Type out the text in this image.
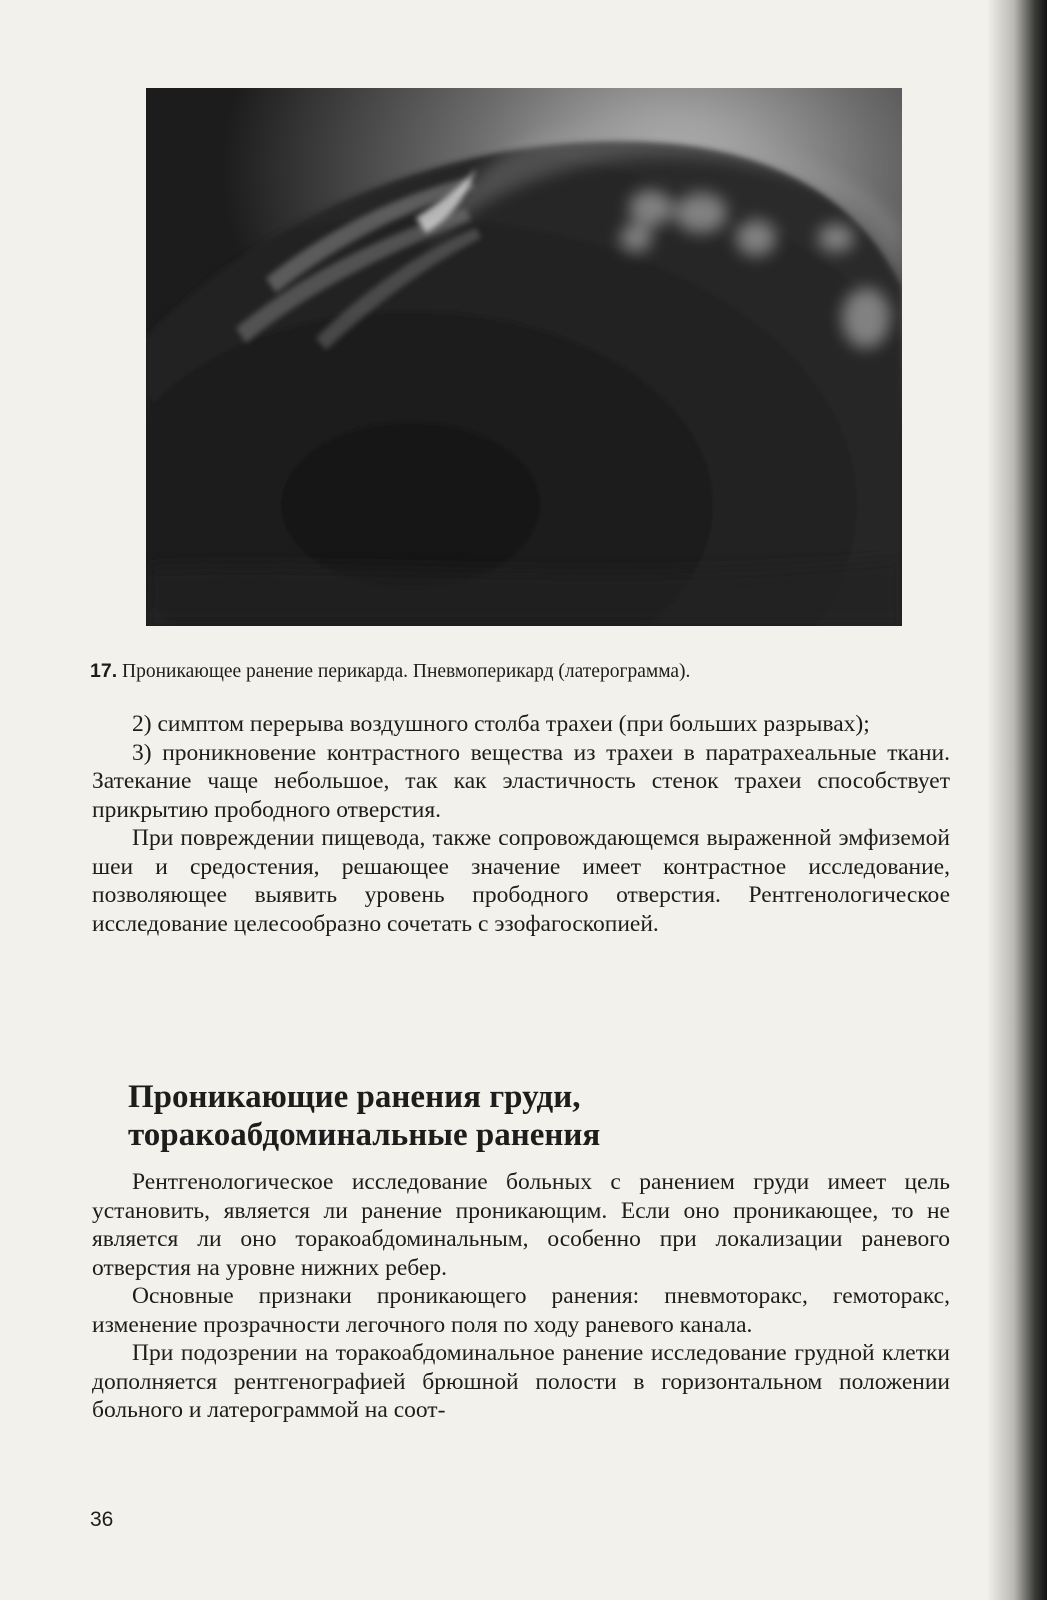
17. Проникающее ранение перикарда. Пневмоперикард (латерограмма).

2) симптом перерыва воздушного столба трахеи (при больших разрывах);

3) проникновение контрастного вещества из трахеи в паратрахеальные ткани. Затекание чаще небольшое, так как эластичность стенок трахеи способствует прикрытию прободного отверстия.

При повреждении пищевода, также сопровождающемся выраженной эмфиземой шеи и средостения, решающее значение имеет контрастное исследование, позволяющее выявить уровень прободного отверстия. Рентгенологическое исследование целесообразно сочетать с эзофагоскопией.

Проникающие ранения груди,
торакоабдоминальные ранения

Рентгенологическое исследование больных с ранением груди имеет цель установить, является ли ранение проникающим. Если оно проникающее, то не является ли оно торакоабдоминальным, особенно при локализации раневого отверстия на уровне нижних ребер.

Основные признаки проникающего ранения: пневмоторакс, гемоторакс, изменение прозрачности легочного поля по ходу раневого канала.

При подозрении на торакоабдоминальное ранение исследование грудной клетки дополняется рентгенографией брюшной полости в горизонтальном положении больного и латерограммой на соот-

36
